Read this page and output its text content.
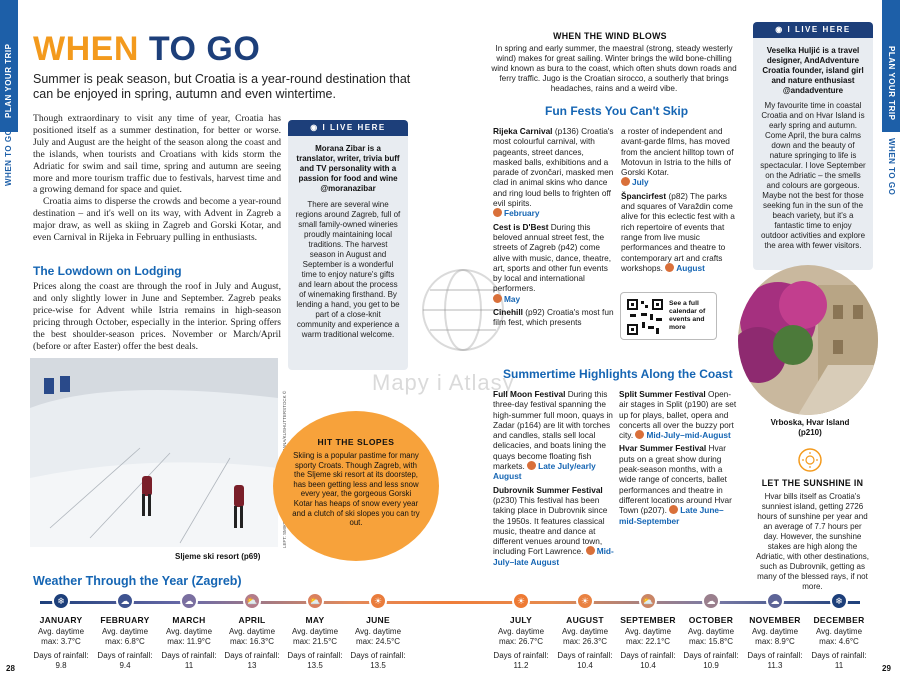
PLAN YOUR TRIP
WHEN TO GO
PLAN YOUR TRIP
WHEN TO GO
WHEN TO GO
Summer is peak season, but Croatia is a year-round destination that can be enjoyed in spring, autumn and even wintertime.

Though extraordinary to visit any time of year, Croatia has positioned itself as a summer destination, for better or worse. July and August are the height of the season along the coast and the islands, when tourists and Croatians with kids storm the Adriatic for swim and sail time, spring and autumn are seeing more and more tourism traffic due to festivals, harvest time and a growing demand for space and quiet.

Croatia aims to disperse the crowds and become a year-round destination – and it's well on its way, with Advent in Zagreb a major draw, as well as skiing in Zagreb and Gorski Kotar, and even Carnival in Rijeka in February pulling in enthusiasts.

The Lowdown on Lodging
Prices along the coast are through the roof in July and August, and only slightly lower in June and September. Zagreb peaks price-wise for Advent while Istria remains in high-season pricing through October, especially in the interior. Spring offers the best shoulder-season prices. November or March/April (before or after Easter) offer the best deals.
◉ I LIVE HERE
Morana Zibar is a translator, writer, trivia buff and TV personality with a passion for food and wine @moranazibar
There are several wine regions around Zagreb, full of small family-owned wineries proudly maintaining local traditions. The harvest season in August and September is a wonderful time to enjoy nature's gifts and learn about the process of winemaking firsthand. By lending a hand, you get to be part of a close-knit community and experience a warm traditional welcome.
Sljeme ski resort (p69)
HIT THE SLOPES
Skiing is a popular pastime for many sporty Croats. Though Zagreb, with the Sljeme ski resort at its doorstep, has been getting less and less snow every year, the gorgeous Gorski Kotar has heaps of snow every year and a clutch of ski slopes you can try out.
Mapy i Atlasy
WHEN THE WIND BLOWS
In spring and early summer, the maestral (strong, steady westerly wind) makes for great sailing. Winter brings the wild bone-chilling wind known as bura to the coast, which often shuts down roads and ferry traffic. Jugo is the Croatian sirocco, a southerly that brings headaches, rains and a weird vibe.
Fun Fests You Can't Skip

Rijeka Carnival (p136) Croatia's most colourful carnival, with pageants, street dances, masked balls, exhibitions and a parade of zvončari, masked men clad in animal skins who dance and ring loud bells to frighten off evil spirits.
February

Cest is D'Best During this beloved annual street fest, the streets of Zagreb (p42) come alive with music, dance, theatre, art, sports and other fun events by local and international performers.
May

Cinehill (p92) Croatia's most fun film fest, which presents

a roster of independent and avant-garde films, has moved from the ancient hilltop town of Motovun in Istria to the hills of Gorski Kotar.
July

Špancirfest (p82) The parks and squares of Varaždin come alive for this eclectic fest with a rich repertoire of events that range from live music performances and theatre to contemporary art and crafts workshops. August

See a full calendar of events and more
Summertime Highlights Along the Coast

Full Moon Festival During this three-day festival spanning the high-summer full moon, quays in Zadar (p164) are lit with torches and candles, stalls sell local delicacies, and boats lining the quays become floating fish markets. Late July/early August

Dubrovnik Summer Festival (p230) This festival has been taking place in Dubrovnik since the 1950s. It features classical music, theatre and dance at different venues around town, including Fort Lawrence. Mid-July–late August

Split Summer Festival Open-air stages in Split (p190) are set up for plays, ballet, opera and concerts all over the buzzy port city. Mid-July–mid-August

Hvar Summer Festival Hvar puts on a great show during peak-season months, with a wide range of concerts, ballet performances and theatre in different locations around Hvar Town (p207). Late June–mid-September

◉ I LIVE HERE
Veselka Huljić is a travel designer, AndAdventure Croatia founder, island girl and nature enthusiast @andadventure
My favourite time in coastal Croatia and on Hvar Island is early spring and autumn. Come April, the bura calms down and the beauty of nature springing to life is spectacular. I love September on the Adriatic – the smells and colours are gorgeous. Maybe not the best for those seeking fun in the sun of the beach variety, but it's a fantastic time to enjoy outdoor activities and explore the area with fewer visitors.
Vrboska, Hvar Island (p210)
LET THE SUNSHINE IN
Hvar bills itself as Croatia's sunniest island, getting 2726 hours of sunshine per year and an average of 7.7 hours per day. However, the sunshine stakes are high along the Adriatic, with other destinations, such as Dubrovnik, getting as many of the blessed rays, if not more.
Weather Through the Year (Zagreb)
❄
JANUARY
Avg. daytime
max: 3.7°C
Days of rainfall:
9.8
☁
FEBRUARY
Avg. daytime
max: 6.8°C
Days of rainfall:
9.4
☁
MARCH
Avg. daytime
max: 11.9°C
Days of rainfall:
11
⛅
APRIL
Avg. daytime
max: 16.3°C
Days of rainfall:
13
⛅
MAY
Avg. daytime
max: 21.5°C
Days of rainfall:
13.5
☀
JUNE
Avg. daytime
max: 24.5°C
Days of rainfall:
13.5
☀
JULY
Avg. daytime
max: 26.7°C
Days of rainfall:
11.2
☀
AUGUST
Avg. daytime
max: 26.3°C
Days of rainfall:
10.4
⛅
SEPTEMBER
Avg. daytime
max: 22.1°C
Days of rainfall:
10.4
☁
OCTOBER
Avg. daytime
max: 15.8°C
Days of rainfall:
10.9
☁
NOVEMBER
Avg. daytime
max: 8.9°C
Days of rainfall:
11.3
❄
DECEMBER
Avg. daytime
max: 4.6°C
Days of rainfall:
11
28	29
